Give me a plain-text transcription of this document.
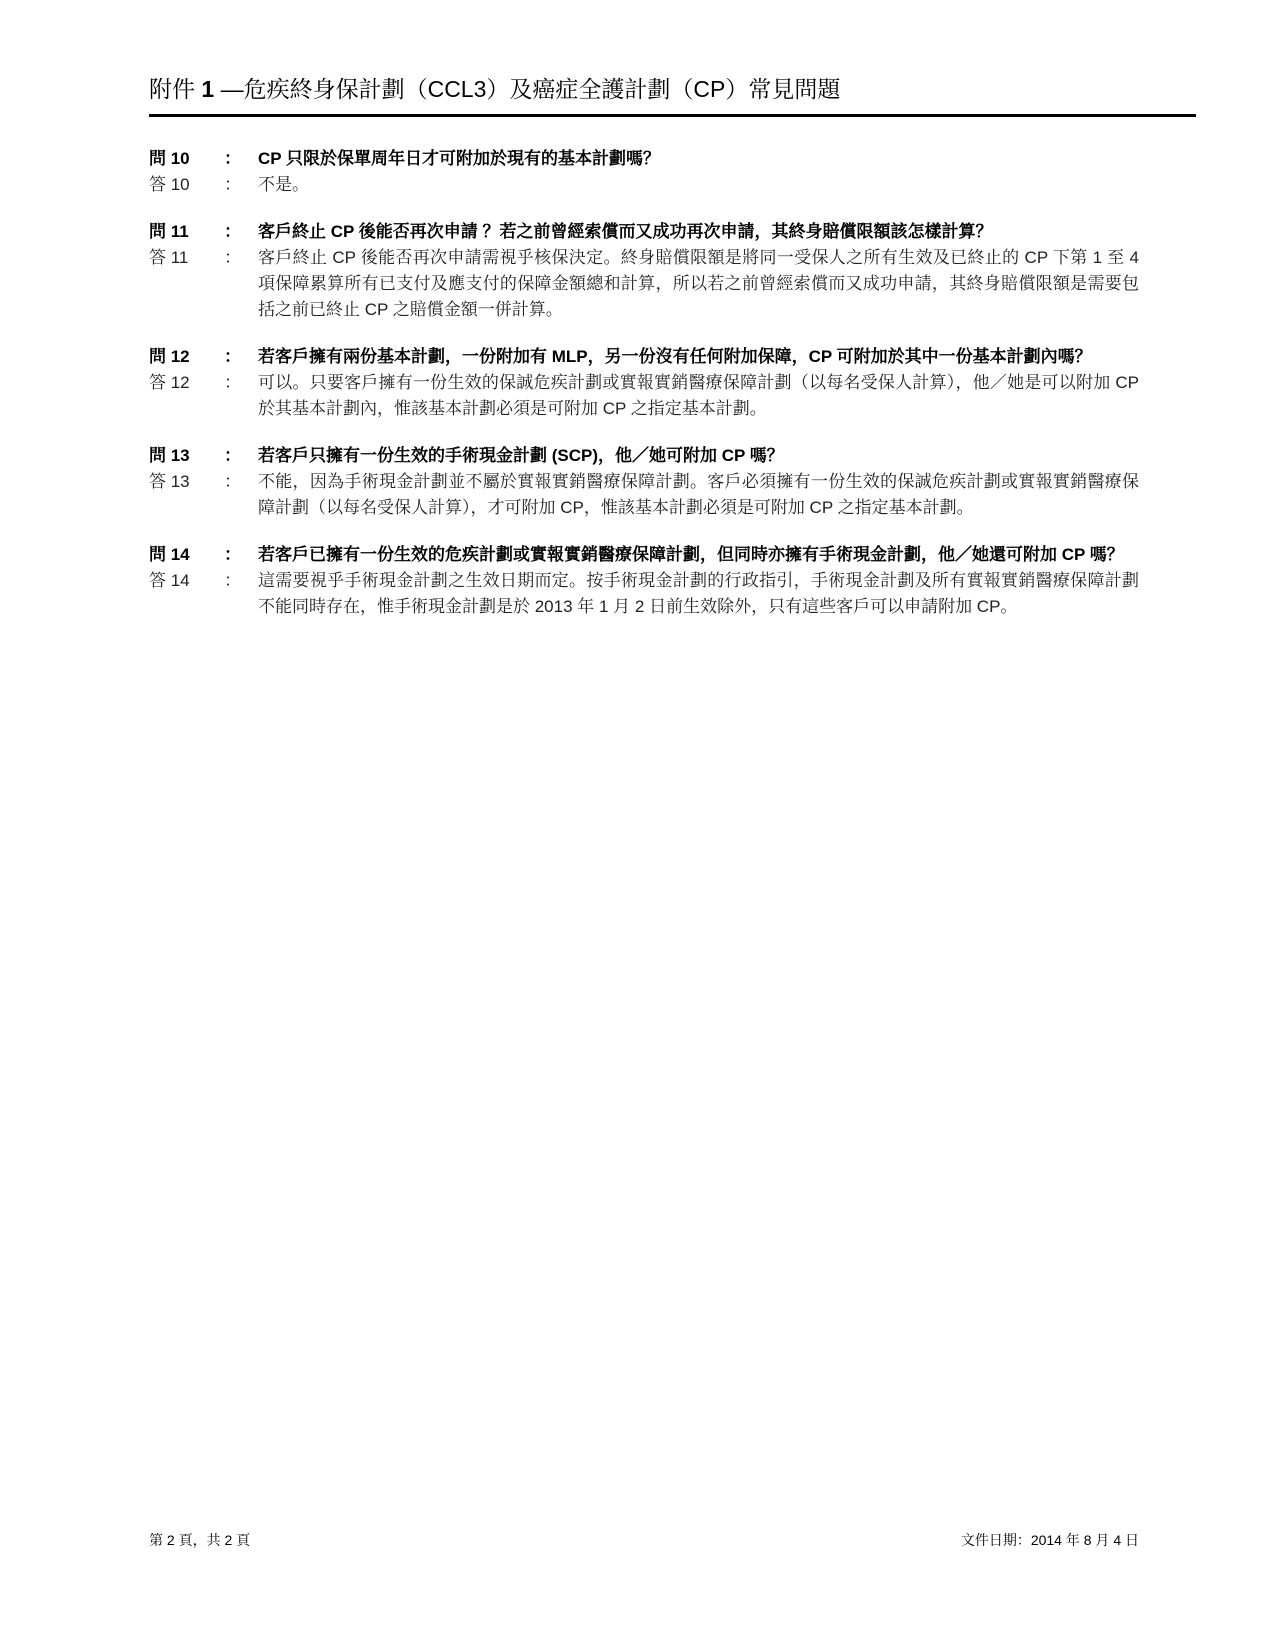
附件 1 —危疾終身保計劃（CCL3）及癌症全護計劃（CP）常見問題
問 10	：	CP 只限於保單周年日才可附加於現有的基本計劃嗎？
答 10	：	不是。
問 11	：	客戶終止 CP 後能否再次申請 ？若之前曾經索償而又成功再次申請，其終身賠償限額該怎樣計算？
答 11	：	客戶終止 CP 後能否再次申請需視乎核保決定。終身賠償限額是將同一受保人之所有生效及已終止的 CP 下第 1 至 4 項保障累算所有已支付及應支付的保障金額總和計算，所以若之前曾經索償而又成功申請，其終身賠償限額是需要包括之前已終止 CP 之賠償金額一併計算。
問 12	：	若客戶擁有兩份基本計劃，一份附加有 MLP，另一份沒有任何附加保障，CP 可附加於其中一份基本計劃內嗎？
答 12	：	可以。只要客戶擁有一份生效的保誠危疾計劃或實報實銷醫療保障計劃（以每名受保人計算），他／她是可以附加 CP 於其基本計劃內，惟該基本計劃必須是可附加 CP 之指定基本計劃。
問 13	：	若客戶只擁有一份生效的手術現金計劃 (SCP)，他／她可附加 CP 嗎？
答 13	：	不能，因為手術現金計劃並不屬於實報實銷醫療保障計劃。客戶必須擁有一份生效的保誠危疾計劃或實報實銷醫療保障計劃（以每名受保人計算），才可附加 CP，惟該基本計劃必須是可附加 CP 之指定基本計劃。
問 14	：	若客戶已擁有一份生效的危疾計劃或實報實銷醫療保障計劃，但同時亦擁有手術現金計劃，他／她還可附加 CP 嗎？
答 14	：	這需要視乎手術現金計劃之生效日期而定。按手術現金計劃的行政指引，手術現金計劃及所有實報實銷醫療保障計劃不能同時存在，惟手術現金計劃是於 2013 年 1 月 2 日前生效除外，只有這些客戶可以申請附加 CP。
第 2 頁，共 2 頁	文件日期：2014 年 8 月 4 日
